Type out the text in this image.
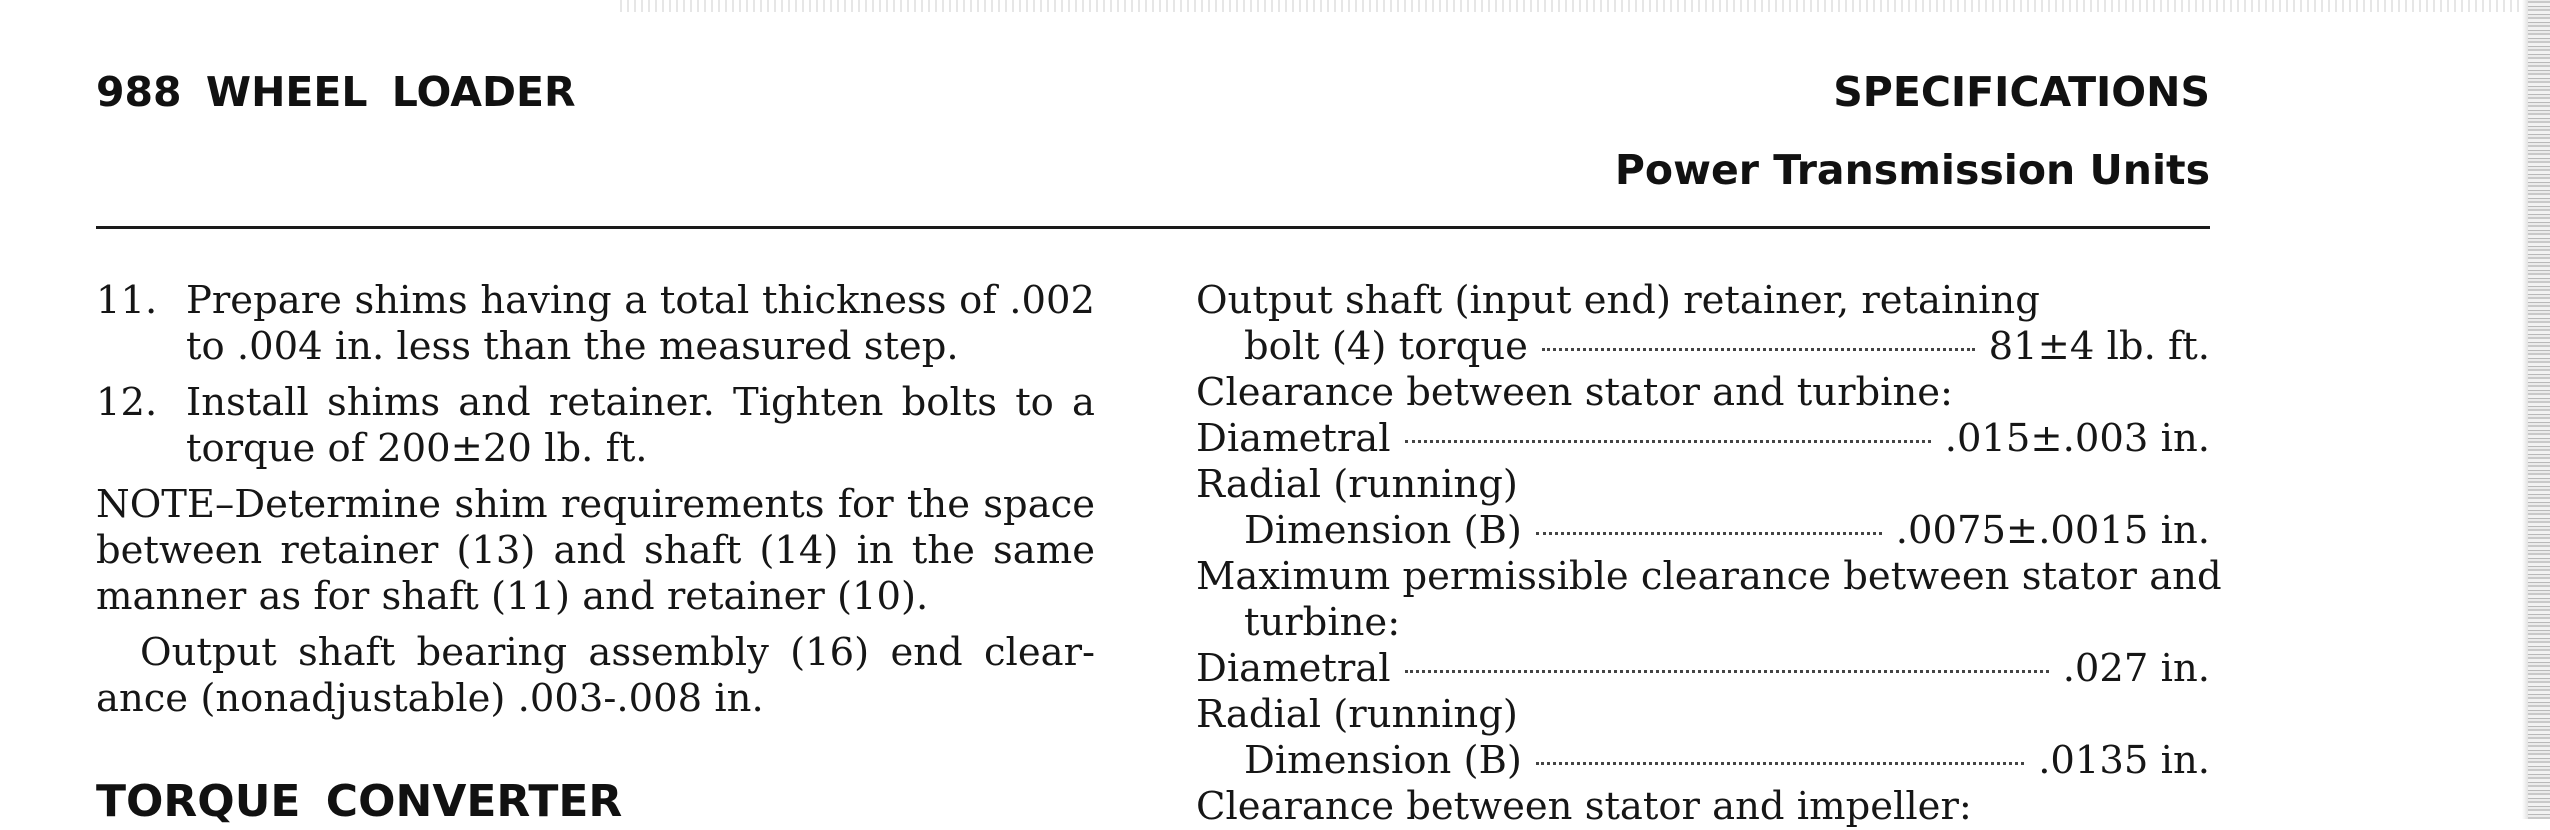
988 WHEEL LOADER	SPECIFICATIONS
Power Transmission Units
11. Prepare shims having a total thickness of .002
to .004 in. less than the measured step.
12. Install shims and retainer. Tighten bolts to a
torque of 200±20 lb. ft.
NOTE–Determine shim requirements for the space
between retainer (13) and shaft (14) in the same
manner as for shaft (11) and retainer (10).
Output shaft bearing assembly (16) end clear-
ance (nonadjustable) .003-.008 in.
TORQUE CONVERTER
Output shaft (input end) retainer, retaining
bolt (4) torque	81±4 lb. ft.
Clearance between stator and turbine:
Diametral	.015±.003 in.
Radial (running)
Dimension (B)	.0075±.0015 in.
Maximum permissible clearance between stator and
turbine:
Diametral	.027 in.
Radial (running)
Dimension (B)	.0135 in.
Clearance between stator and impeller:
